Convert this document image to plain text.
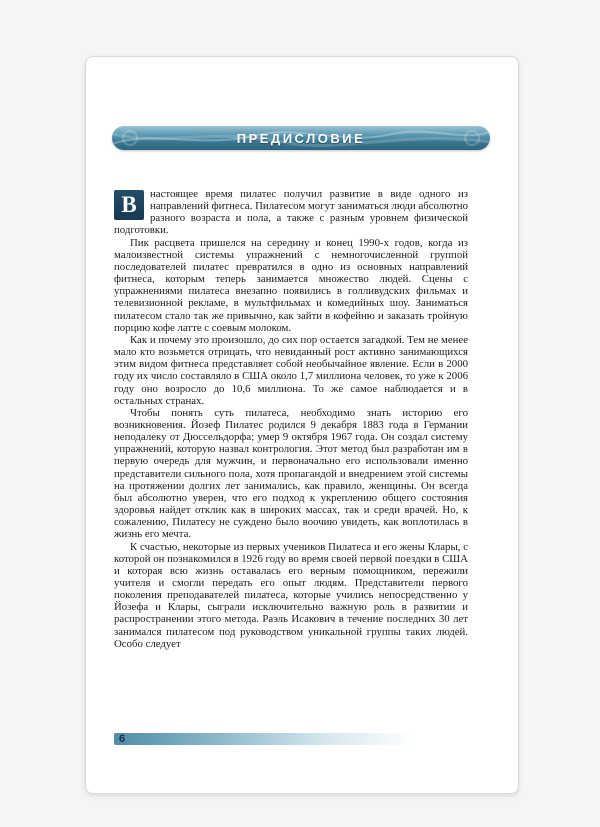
ПРЕДИСЛОВИЕ

В	настоящее время пилатес получил развитие в виде одного из направлений фитнеса. Пилатесом могут заниматься люди абсолютно разного возраста и пола, а также с разным уровнем физической подготовки.

Пик расцвета пришелся на середину и конец 1990-х годов, когда из малоизвестной системы упражнений с немногочисленной группой последователей пилатес превратился в одно из основных направлений фитнеса, которым теперь занимается множество людей. Сцены с упражнениями пилатеса внезапно появились в голливудских фильмах и телевизионной рекламе, в мультфильмах и комедийных шоу. Заниматься пилатесом стало так же привычно, как зайти в кофейню и заказать тройную порцию кофе латте с соевым молоком.

Как и почему это произошло, до сих пор остается загадкой. Тем не менее мало кто возьмется отрицать, что невиданный рост активно занимающихся этим видом фитнеса представляет собой необычайное явление. Если в 2000 году их число составляло в США около 1,7 миллиона человек, то уже к 2006 году оно возросло до 10,6 миллиона. То же самое наблюдается и в остальных странах.

Чтобы понять суть пилатеса, необходимо знать историю его возникновения. Йозеф Пилатес родился 9 декабря 1883 года в Германии неподалеку от Дюссельдорфа; умер 9 октября 1967 года. Он создал систему упражнений, которую назвал контрология. Этот метод был разработан им в первую очередь для мужчин, и первоначально его использовали именно представители сильного пола, хотя пропагандой и внедрением этой системы на протяжении долгих лет занимались, как правило, женщины. Он всегда был абсолютно уверен, что его подход к укреплению общего состояния здоровья найдет отклик как в широких массах, так и среди врачей. Но, к сожалению, Пилатесу не суждено было воочию увидеть, как воплотилась в жизнь его мечта.

К счастью, некоторые из первых учеников Пилатеса и его жены Клары, с которой он познакомился в 1926 году во время своей первой поездки в США и которая всю жизнь оставалась его верным помощником, пережили учителя и смогли передать его опыт людям. Представители первого поколения преподавателей пилатеса, которые учились непосредственно у Йозефа и Клары, сыграли исключительно важную роль в развитии и распространении этого метода. Раэль Исакович в течение последних 30 лет занимался пилатесом под руководством уникальной группы таких людей. Особо следует

6
